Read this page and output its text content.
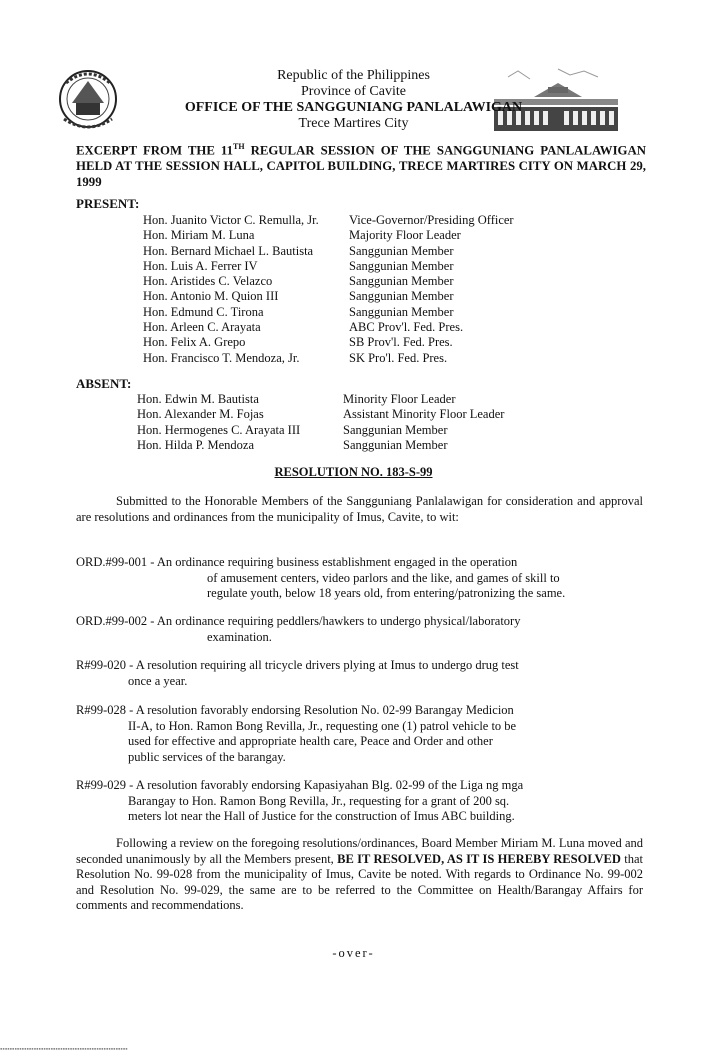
Republic of the Philippines
Province of Cavite
OFFICE OF THE SANGGUNIANG PANLALAWIGAN
Trece Martires City
EXCERPT FROM THE 11TH REGULAR SESSION OF THE SANGGUNIANG PANLALAWIGAN HELD AT THE SESSION HALL, CAPITOL BUILDING, TRECE MARTIRES CITY ON MARCH 29, 1999
PRESENT:
Hon. Juanito Victor C. Remulla, Jr. Vice-Governor/Presiding Officer
Hon. Miriam M. Luna	Majority Floor Leader
Hon. Bernard Michael L. Bautista	Sanggunian Member
Hon. Luis A. Ferrer IV	Sanggunian Member
Hon. Aristides C. Velazco	Sanggunian Member
Hon. Antonio M. Quion III	Sanggunian Member
Hon. Edmund C. Tirona	Sanggunian Member
Hon. Arleen C. Arayata	ABC Prov'l. Fed. Pres.
Hon. Felix A. Grepo	SB Prov'l. Fed. Pres.
Hon. Francisco T. Mendoza, Jr.	SK Pro'l. Fed. Pres.
ABSENT:
Hon. Edwin M. Bautista	Minority Floor Leader
Hon. Alexander M. Fojas	Assistant Minority Floor Leader
Hon. Hermogenes C. Arayata III	Sanggunian Member
Hon. Hilda P. Mendoza	Sanggunian Member
RESOLUTION NO. 183-S-99
Submitted to the Honorable Members of the Sangguniang Panlalawigan for consideration and approval are resolutions and ordinances from the municipality of Imus, Cavite, to wit:
ORD.#99-001 - An ordinance requiring business establishment engaged in the operation
of amusement centers, video parlors and the like, and games of skill to
regulate youth, below 18 years old, from entering/patronizing the same.
ORD.#99-002 - An ordinance requiring peddlers/hawkers to undergo physical/laboratory
examination.
R#99-020 - A resolution requiring all tricycle drivers plying at Imus to undergo drug test
once a year.
R#99-028 - A resolution favorably endorsing Resolution No. 02-99 Barangay Medicion
II-A, to Hon. Ramon Bong Revilla, Jr., requesting one (1) patrol vehicle to be
used for effective and appropriate health care, Peace and Order and other
public services of the barangay.
R#99-029 - A resolution favorably endorsing Kapasiyahan Blg. 02-99 of the Liga ng mga
Barangay to Hon. Ramon Bong Revilla, Jr., requesting for a grant of 200 sq.
meters lot near the Hall of Justice for the construction of Imus ABC building.
Following a review on the foregoing resolutions/ordinances, Board Member Miriam M. Luna moved and seconded unanimously by all the Members present, BE IT RESOLVED, AS IT IS HEREBY RESOLVED that Resolution No. 99-028 from the municipality of Imus, Cavite be noted. With regards to Ordinance No. 99-002 and Resolution No. 99-029, the same are to be referred to the Committee on Health/Barangay Affairs for comments and recommendations.
-over-
▪▪▪▪▪▪▪▪▪▪▪▪▪▪▪▪▪▪▪▪▪▪▪▪▪▪▪▪▪▪▪▪▪▪▪▪▪▪▪▪▪▪▪▪▪▪▪▪▪▪▪▪▪
